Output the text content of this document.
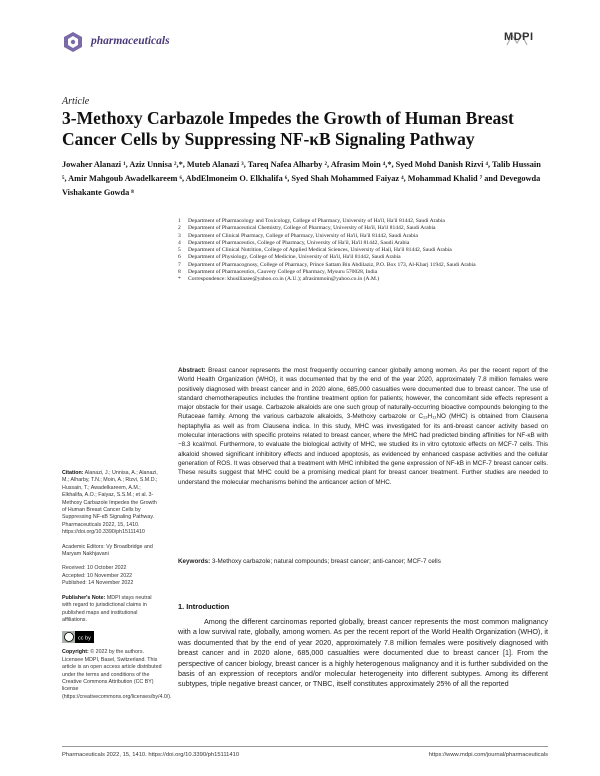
pharmaceuticals	MDPI
Article
3-Methoxy Carbazole Impedes the Growth of Human Breast Cancer Cells by Suppressing NF-κB Signaling Pathway
Jowaher Alanazi ¹, Aziz Unnisa ²,*, Muteb Alanazi ³, Tareq Nafea Alharby ², Afrasim Moin ⁴,*, Syed Mohd Danish Rizvi ⁴, Talib Hussain ⁵, Amir Mahgoub Awadelkareem ⁶, AbdElmoneim O. Elkhalifa ⁶, Syed Shah Mohammed Faiyaz ⁴, Mohammad Khalid ⁷ and Devegowda Vishakante Gowda ⁸
1	Department of Pharmacology and Toxicology, College of Pharmacy, University of Ha'il, Ha'il 81442, Saudi Arabia
2	Department of Pharmaceutical Chemistry, College of Pharmacy, University of Ha'il, Ha'il 81442, Saudi Arabia
3	Department of Clinical Pharmacy, College of Pharmacy, University of Ha'il, Ha'il 81442, Saudi Arabia
4	Department of Pharmaceutics, College of Pharmacy, University of Ha'il, Ha'il 81442, Saudi Arabia
5	Department of Clinical Nutrition, College of Applied Medical Sciences, University of Hail, Ha'il 81442, Saudi Arabia
6	Department of Physiology, College of Medicine, University of Ha'il, Ha'il 81442, Saudi Arabia
7	Department of Pharmacognosy, College of Pharmacy, Prince Sattam Bin Abdilaziz, P.O. Box 173, Al-Kharj 11942, Saudi Arabia
8	Department of Pharmaceutics, Cauvery College of Pharmacy, Mysuru 570028, India
*	Correspondence: khusiliazee@yahoo.co.in (A.U.); afrasimmoin@yahoo.co.in (A.M.)

Citation: Alanazi, J.; Unnisa, A.; Alanazi, M.; Alharby, T.N.; Moin, A.; Rizvi, S.M.D.; Hussain, T.; Awadelkareem, A.M.; Elkhalifa, A.O.; Faiyaz, S.S.M.; et al. 3-Methoxy Carbazole Impedes the Growth of Human Breast Cancer Cells by Suppressing NF-κB Signaling Pathway. Pharmaceuticals 2022, 15, 1410. https://doi.org/10.3390/ph15111410

Academic Editors: Vy Broadbridge and Maryam Nakhjavani

Received: 10 October 2022
Accepted: 10 November 2022
Published: 14 November 2022

Publisher's Note: MDPI stays neutral with regard to jurisdictional claims in published maps and institutional affiliations.

cc by

Copyright: © 2022 by the authors. Licensee MDPI, Basel, Switzerland. This article is an open access article distributed under the terms and conditions of the Creative Commons Attribution (CC BY) license (https://creativecommons.org/licenses/by/4.0/).

Abstract: Breast cancer represents the most frequently occurring cancer globally among women. As per the recent report of the World Health Organization (WHO), it was documented that by the end of the year 2020, approximately 7.8 million females were positively diagnosed with breast cancer and in 2020 alone, 685,000 casualties were documented due to breast cancer. The use of standard chemotherapeutics includes the frontline treatment option for patients; however, the concomitant side effects represent a major obstacle for their usage. Carbazole alkaloids are one such group of naturally-occurring bioactive compounds belonging to the Rutaceae family. Among the various carbazole alkaloids, 3-Methoxy carbazole or C₁₃H₁₁NO (MHC) is obtained from Clausena heptaphylla as well as from Clausena indica. In this study, MHC was investigated for its anti-breast cancer activity based on molecular interactions with specific proteins related to breast cancer, where the MHC had predicted binding affinities for NF-κB with −8.3 kcal/mol. Furthermore, to evaluate the biological activity of MHC, we studied its in vitro cytotoxic effects on MCF-7 cells. This alkaloid showed significant inhibitory effects and induced apoptosis, as evidenced by enhanced caspase activities and the cellular generation of ROS. It was observed that a treatment with MHC inhibited the gene expression of NF-kB in MCF-7 breast cancer cells. These results suggest that MHC could be a promising medical plant for breast cancer treatment. Further studies are needed to understand the molecular mechanisms behind the anticancer action of MHC.
Keywords: 3-Methoxy carbazole; natural compounds; breast cancer; anti-cancer; MCF-7 cells
1. Introduction
Among the different carcinomas reported globally, breast cancer represents the most common malignancy with a low survival rate, globally, among women. As per the recent report of the World Health Organization (WHO), it was documented that by the end of year 2020, approximately 7.8 million females were positively diagnosed with breast cancer and in 2020 alone, 685,000 casualties were documented due to breast cancer [1]. From the perspective of cancer biology, breast cancer is a highly heterogenous malignancy and it is further subdivided on the basis of an expression of receptors and/or molecular heterogeneity into different subtypes. Among its different subtypes, triple negative breast cancer, or TNBC, itself constitutes approximately 25% of all the reported
Pharmaceuticals 2022, 15, 1410. https://doi.org/10.3390/ph15111410	https://www.mdpi.com/journal/pharmaceuticals
